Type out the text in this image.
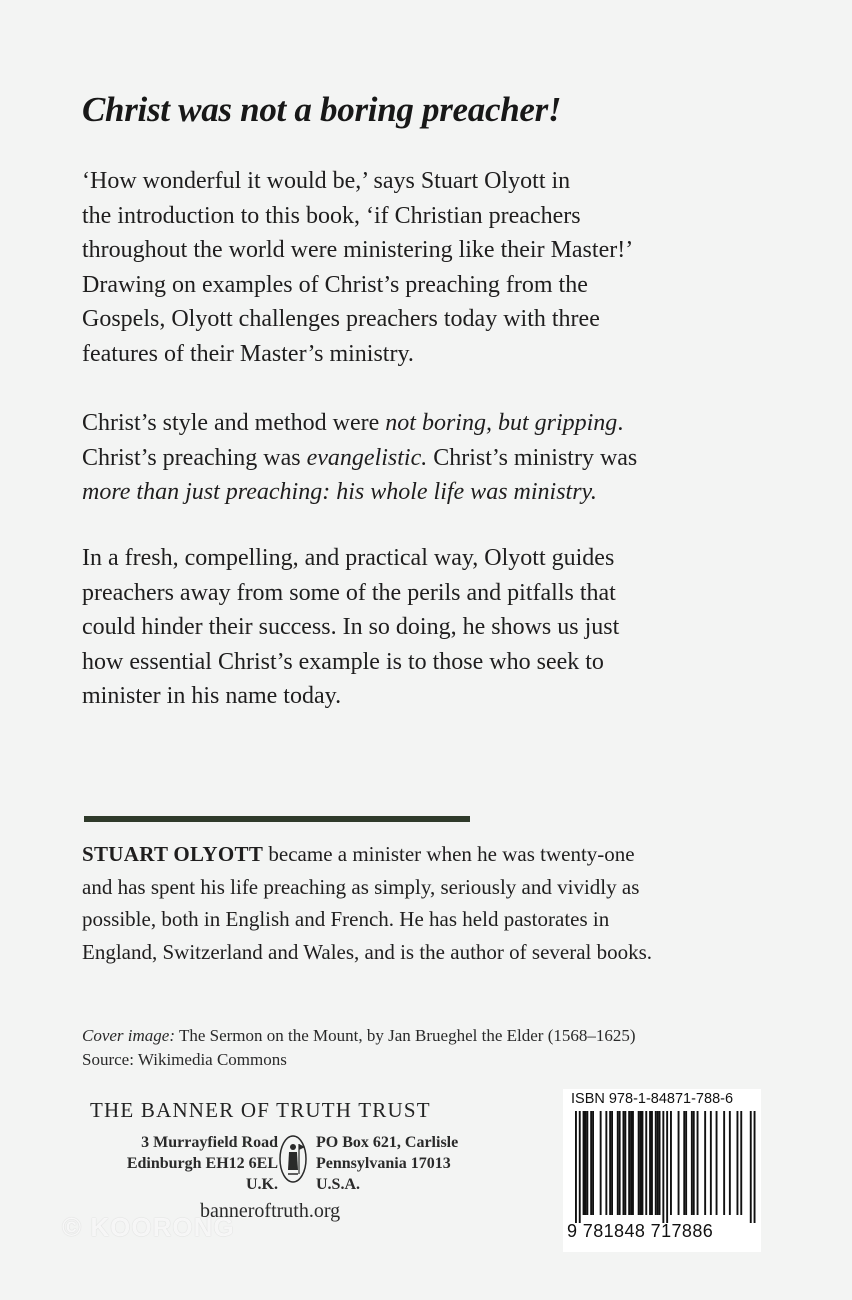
Christ was not a boring preacher!

‘How wonderful it would be,’ says Stuart Olyott in
the introduction to this book, ‘if Christian preachers
throughout the world were ministering like their Master!’
Drawing on examples of Christ’s preaching from the
Gospels, Olyott challenges preachers today with three
features of their Master’s ministry.

Christ’s style and method were not boring, but gripping.
Christ’s preaching was evangelistic. Christ’s ministry was
more than just preaching: his whole life was ministry.

In a fresh, compelling, and practical way, Olyott guides
preachers away from some of the perils and pitfalls that
could hinder their success. In so doing, he shows us just
how essential Christ’s example is to those who seek to
minister in his name today.

STUART OLYOTT became a minister when he was twenty-one
and has spent his life preaching as simply, seriously and vividly as
possible, both in English and French. He has held pastorates in
England, Switzerland and Wales, and is the author of several books.

Cover image: The Sermon on the Mount, by Jan Brueghel the Elder (1568–1625)
Source: Wikimedia Commons

THE BANNER OF TRUTH TRUST
3 Murrayfield Road
Edinburgh EH12 6EL
U.K.
PO Box 621, Carlisle
Pennsylvania 17013
U.S.A.
banneroftruth.org
© KOORONG
ISBN 978-1-84871-788-6
9 781848 717886
